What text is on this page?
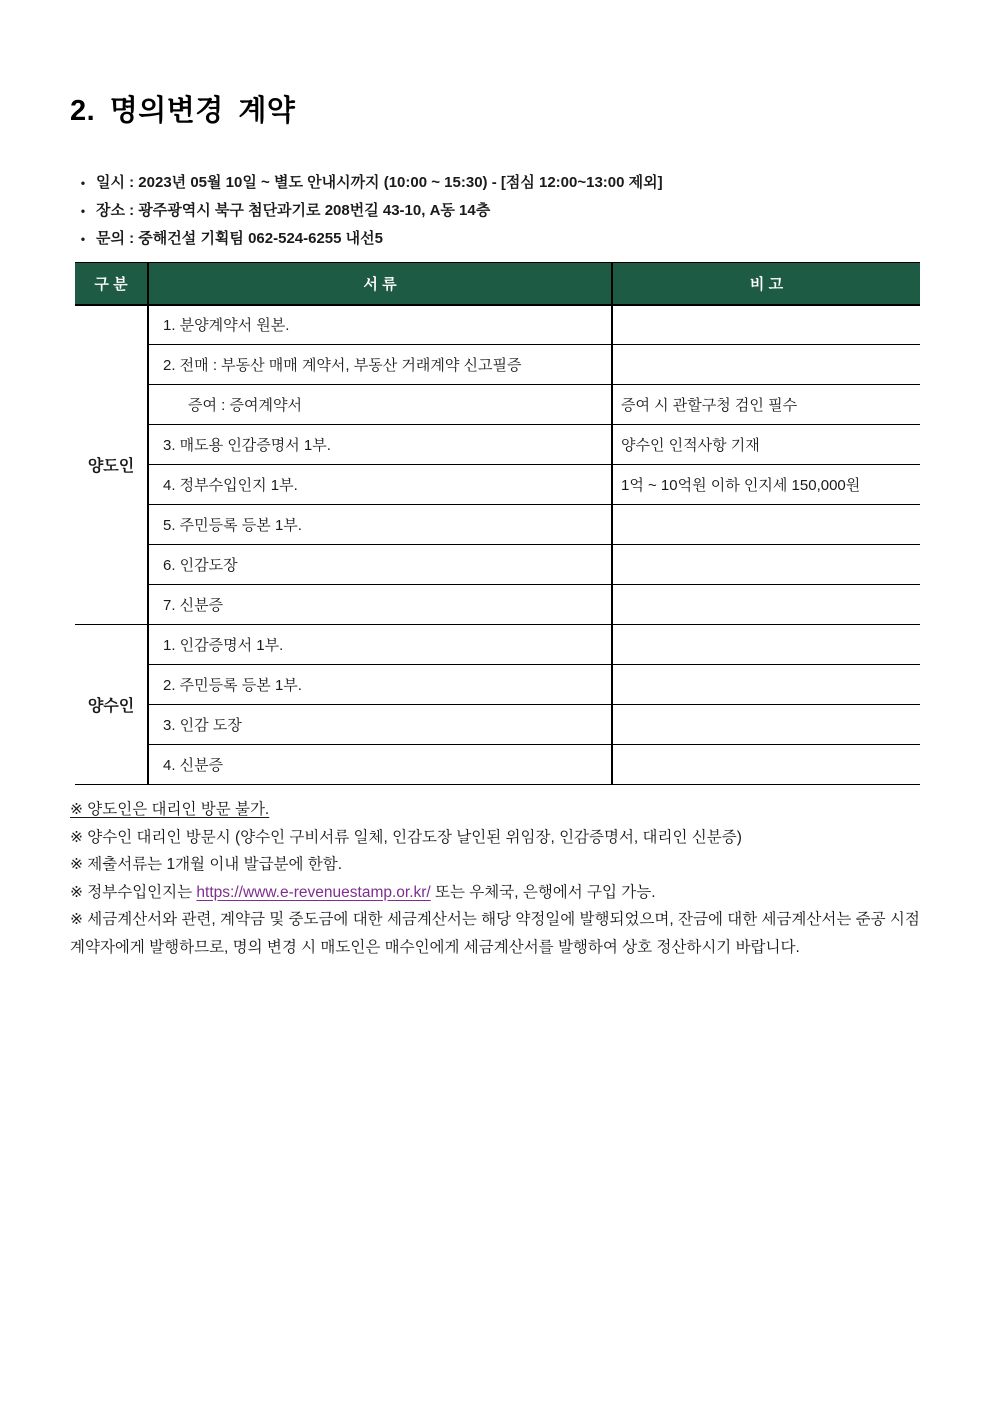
2. 명의변경 계약
• 일시 : 2023년 05월 10일 ~ 별도 안내시까지 (10:00 ~ 15:30) - [점심 12:00~13:00 제외]
• 장소 : 광주광역시 북구 첨단과기로 208번길 43-10, A동 14층
• 문의 : 중해건설 기획팀 062-524-6255 내선5
구 분	서 류	비 고
양도인	1. 분양계약서 원본.	
	2. 전매 : 부동산 매매 계약서, 부동산 거래계약 신고필증	
	증여 : 증여계약서	증여 시 관할구청 검인 필수
	3. 매도용 인감증명서 1부.	양수인 인적사항 기재
	4. 정부수입인지 1부.	1억 ~ 10억원 이하 인지세 150,000원
	5. 주민등록 등본 1부.	
	6. 인감도장	
	7. 신분증	
양수인	1. 인감증명서 1부.	
	2. 주민등록 등본 1부.	
	3. 인감 도장	
	4. 신분증	

※ 양도인은 대리인 방문 불가.

※ 양수인 대리인 방문시 (양수인 구비서류 일체, 인감도장 날인된 위임장, 인감증명서, 대리인 신분증)

※ 제출서류는 1개월 이내 발급분에 한함.

※ 정부수입인지는 https://www.e-revenuestamp.or.kr/ 또는 우체국, 은행에서 구입 가능.

※ 세금계산서와 관련, 계약금 및 중도금에 대한 세금계산서는 해당 약정일에 발행되었으며, 잔금에 대한 세금계산서는 준공 시점 계약자에게 발행하므로, 명의 변경 시 매도인은 매수인에게 세금계산서를 발행하여 상호 정산하시기 바랍니다.
